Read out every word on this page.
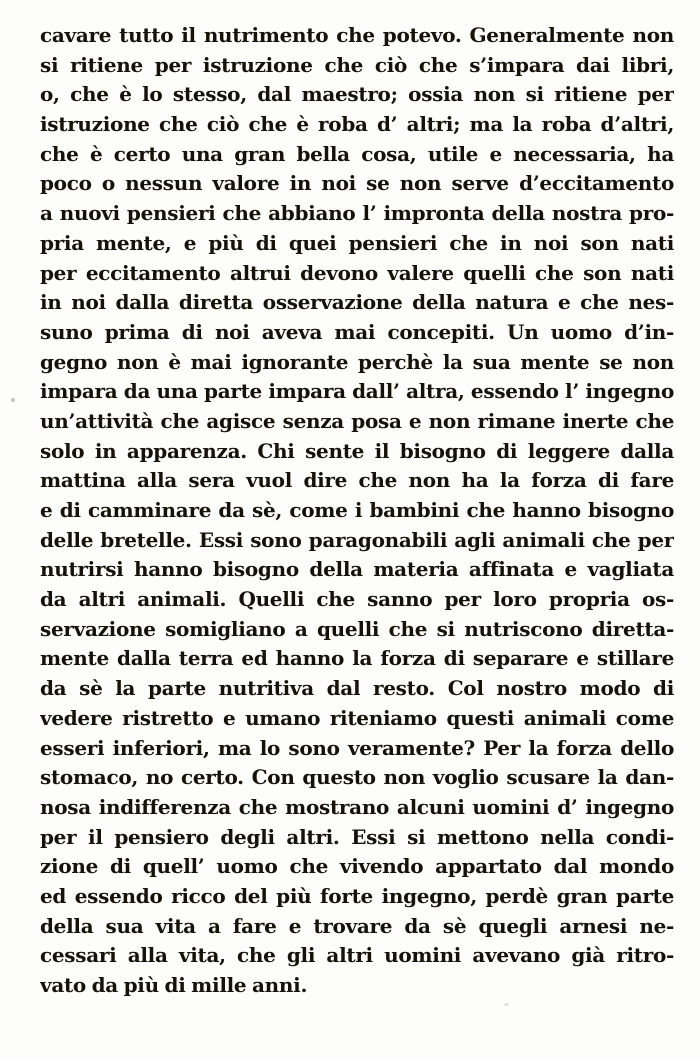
cavare tutto il nutrimento che potevo. Generalmente non
si ritiene per istruzione che ciò che s’impara dai libri,
o, che è lo stesso, dal maestro; ossia non si ritiene per
istruzione che ciò che è roba d’ altri; ma la roba d’altri,
che è certo una gran bella cosa, utile e necessaria, ha
poco o nessun valore in noi se non serve d’eccitamento
a nuovi pensieri che abbiano l’ impronta della nostra pro-
pria mente, e più di quei pensieri che in noi son nati
per eccitamento altrui devono valere quelli che son nati
in noi dalla diretta osservazione della natura e che nes-
suno prima di noi aveva mai concepiti. Un uomo d’in-
gegno non è mai ignorante perchè la sua mente se non
impara da una parte impara dall’ altra, essendo l’ ingegno
un’attività che agisce senza posa e non rimane inerte che
solo in apparenza. Chi sente il bisogno di leggere dalla
mattina alla sera vuol dire che non ha la forza di fare
e di camminare da sè, come i bambini che hanno bisogno
delle bretelle. Essi sono paragonabili agli animali che per
nutrirsi hanno bisogno della materia affinata e vagliata
da altri animali. Quelli che sanno per loro propria os-
servazione somigliano a quelli che si nutriscono diretta-
mente dalla terra ed hanno la forza di separare e stillare
da sè la parte nutritiva dal resto. Col nostro modo di
vedere ristretto e umano riteniamo questi animali come
esseri inferiori, ma lo sono veramente? Per la forza dello
stomaco, no certo. Con questo non voglio scusare la dan-
nosa indifferenza che mostrano alcuni uomini d’ ingegno
per il pensiero degli altri. Essi si mettono nella condi-
zione di quell’ uomo che vivendo appartato dal mondo
ed essendo ricco del più forte ingegno, perdè gran parte
della sua vita a fare e trovare da sè quegli arnesi ne-
cessari alla vita, che gli altri uomini avevano già ritro-
vato da più di mille anni.
